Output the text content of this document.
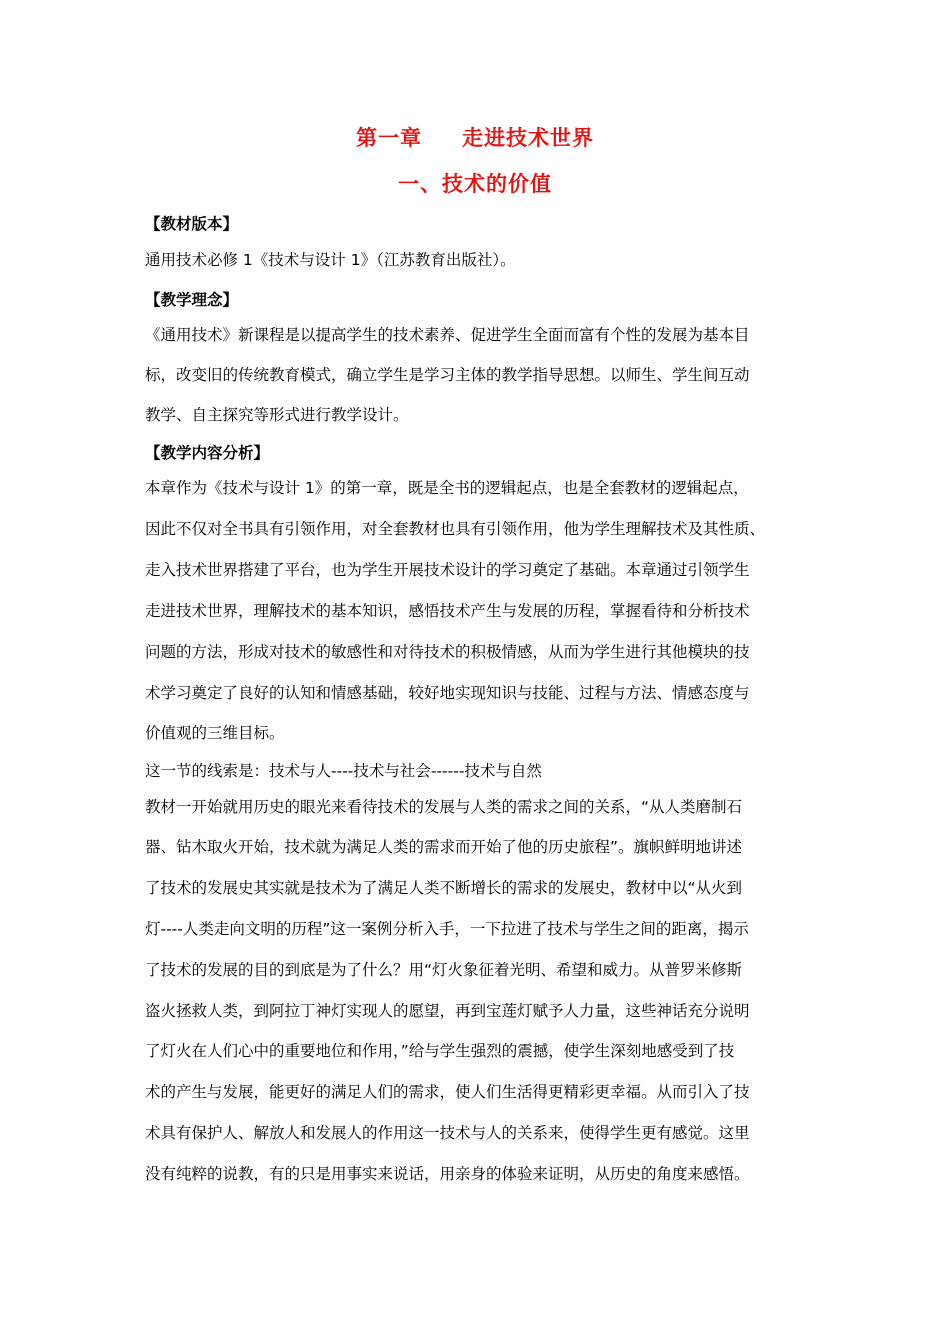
第一章 走进技术世界
一、技术的价值
【教材版本】
通用技术必修 1《技术与设计 1》（江苏教育出版社）。
【教学理念】
《通用技术》新课程是以提高学生的技术素养、促进学生全面而富有个性的发展为基本目
标，改变旧的传统教育模式，确立学生是学习主体的教学指导思想。以师生、学生间互动
教学、自主探究等形式进行教学设计。
【教学内容分析】
本章作为《技术与设计 1》的第一章，既是全书的逻辑起点，也是全套教材的逻辑起点，
因此不仅对全书具有引领作用，对全套教材也具有引领作用，他为学生理解技术及其性质、
走入技术世界搭建了平台，也为学生开展技术设计的学习奠定了基础。本章通过引领学生
走进技术世界，理解技术的基本知识，感悟技术产生与发展的历程，掌握看待和分析技术
问题的方法，形成对技术的敏感性和对待技术的积极情感，从而为学生进行其他模块的技
术学习奠定了良好的认知和情感基础，较好地实现知识与技能、过程与方法、情感态度与
价值观的三维目标。
这一节的线索是：技术与人----技术与社会------技术与自然
教材一开始就用历史的眼光来看待技术的发展与人类的需求之间的关系，“从人类磨制石
器、钻木取火开始，技术就为满足人类的需求而开始了他的历史旅程”。旗帜鲜明地讲述
了技术的发展史其实就是技术为了满足人类不断增长的需求的发展史，教材中以“从火到
灯----人类走向文明的历程”这一案例分析入手，一下拉进了技术与学生之间的距离，揭示
了技术的发展的目的到底是为了什么？用“灯火象征着光明、希望和威力。从普罗米修斯
盗火拯救人类，到阿拉丁神灯实现人的愿望，再到宝莲灯赋予人力量，这些神话充分说明
了灯火在人们心中的重要地位和作用，”给与学生强烈的震撼，使学生深刻地感受到了技
术的产生与发展，能更好的满足人们的需求，使人们生活得更精彩更幸福。从而引入了技
术具有保护人、解放人和发展人的作用这一技术与人的关系来，使得学生更有感觉。这里
没有纯粹的说教，有的只是用事实来说话，用亲身的体验来证明，从历史的角度来感悟。
